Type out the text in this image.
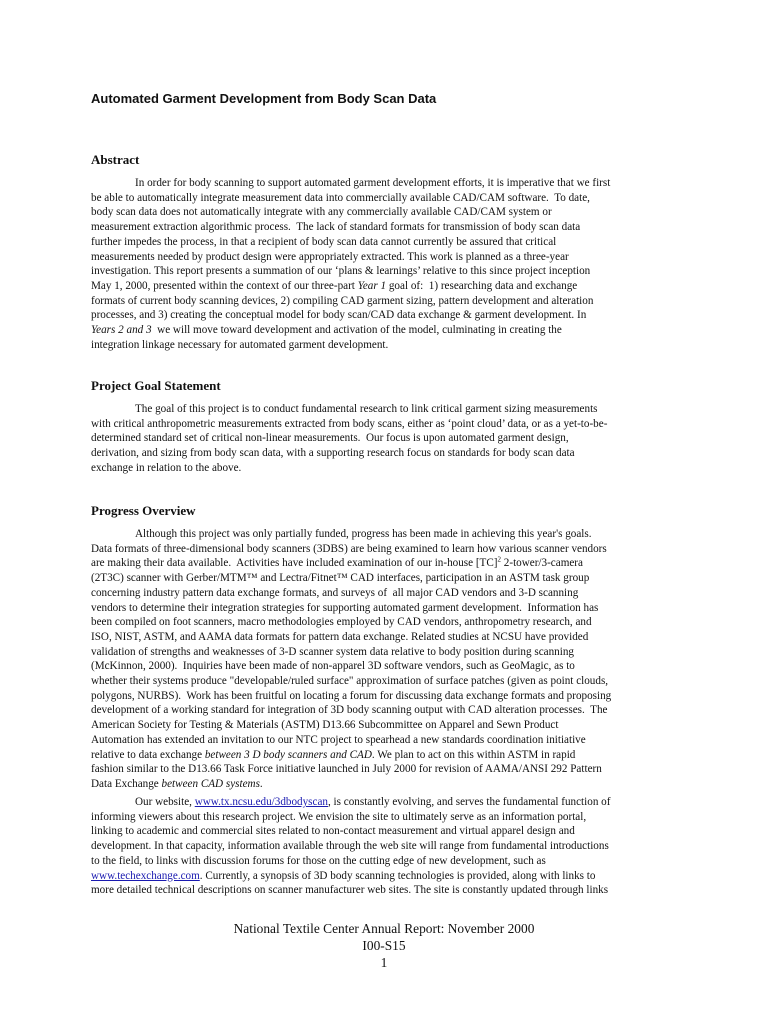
Automated Garment Development from Body Scan Data
Abstract
In order for body scanning to support automated garment development efforts, it is imperative that we first
be able to automatically integrate measurement data into commercially available CAD/CAM software.  To date,
body scan data does not automatically integrate with any commercially available CAD/CAM system or
measurement extraction algorithmic process.  The lack of standard formats for transmission of body scan data
further impedes the process, in that a recipient of body scan data cannot currently be assured that critical
measurements needed by product design were appropriately extracted. This work is planned as a three-year
investigation. This report presents a summation of our ‘plans & learnings’ relative to this since project inception
May 1, 2000, presented within the context of our three-part Year 1 goal of:  1) researching data and exchange
formats of current body scanning devices, 2) compiling CAD garment sizing, pattern development and alteration
processes, and 3) creating the conceptual model for body scan/CAD data exchange & garment development. In
Years 2 and 3  we will move toward development and activation of the model, culminating in creating the
integration linkage necessary for automated garment development.
Project Goal Statement
The goal of this project is to conduct fundamental research to link critical garment sizing measurements
with critical anthropometric measurements extracted from body scans, either as ‘point cloud’ data, or as a yet-to-be-
determined standard set of critical non-linear measurements.  Our focus is upon automated garment design,
derivation, and sizing from body scan data, with a supporting research focus on standards for body scan data
exchange in relation to the above.
Progress Overview
Although this project was only partially funded, progress has been made in achieving this year's goals.
Data formats of three-dimensional body scanners (3DBS) are being examined to learn how various scanner vendors
are making their data available.  Activities have included examination of our in-house [TC]$^2$ 2-tower/3-camera
(2T3C) scanner with Gerber/MTM™ and Lectra/Fitnet™ CAD interfaces, participation in an ASTM task group
concerning industry pattern data exchange formats, and surveys of  all major CAD vendors and 3-D scanning
vendors to determine their integration strategies for supporting automated garment development.  Information has
been compiled on foot scanners, macro methodologies employed by CAD vendors, anthropometry research, and
ISO, NIST, ASTM, and AAMA data formats for pattern data exchange. Related studies at NCSU have provided
validation of strengths and weaknesses of 3-D scanner system data relative to body position during scanning
(McKinnon, 2000).  Inquiries have been made of non-apparel 3D software vendors, such as GeoMagic, as to
whether their systems produce "developable/ruled surface" approximation of surface patches (given as point clouds,
polygons, NURBS).  Work has been fruitful on locating a forum for discussing data exchange formats and proposing
development of a working standard for integration of 3D body scanning output with CAD alteration processes.  The
American Society for Testing & Materials (ASTM) D13.66 Subcommittee on Apparel and Sewn Product
Automation has extended an invitation to our NTC project to spearhead a new standards coordination initiative
relative to data exchange between 3 D body scanners and CAD. We plan to act on this within ASTM in rapid
fashion similar to the D13.66 Task Force initiative launched in July 2000 for revision of AAMA/ANSI 292 Pattern
Data Exchange between CAD systems.
Our website, www.tx.ncsu.edu/3dbodyscan, is constantly evolving, and serves the fundamental function of
informing viewers about this research project. We envision the site to ultimately serve as an information portal,
linking to academic and commercial sites related to non-contact measurement and virtual apparel design and
development. In that capacity, information available through the web site will range from fundamental introductions
to the field, to links with discussion forums for those on the cutting edge of new development, such as
www.techexchange.com. Currently, a synopsis of 3D body scanning technologies is provided, along with links to
more detailed technical descriptions on scanner manufacturer web sites. The site is constantly updated through links
National Textile Center Annual Report: November 2000
I00-S15
1
